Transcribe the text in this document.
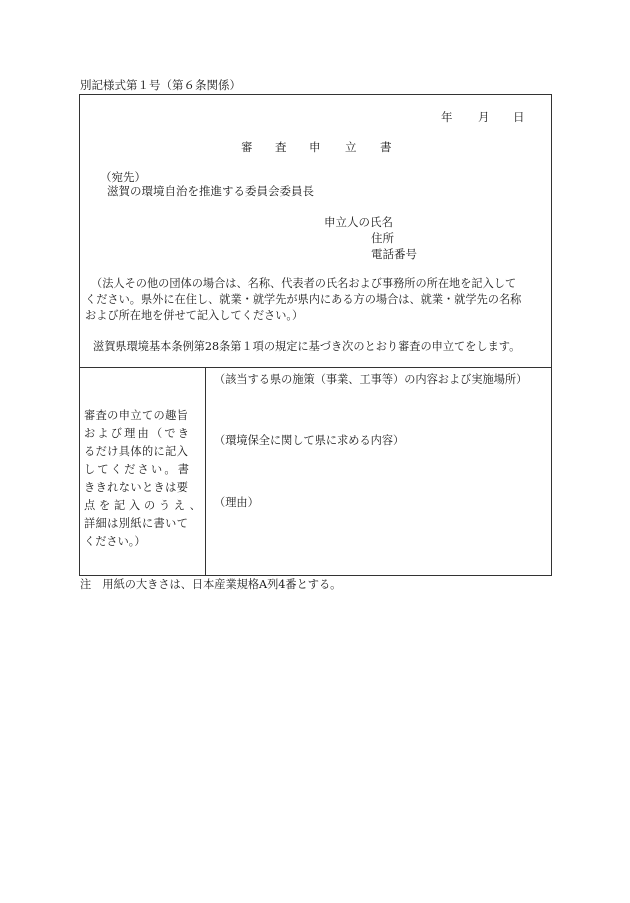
別記様式第１号（第６条関係）
年 月 日
審 査 申 立 書
（宛先）
滋賀の環境自治を推進する委員会委員長
申立人の氏名
住所
電話番号
（法人その他の団体の場合は、名称、代表者の氏名および事務所の所在地を記入して
ください。県外に在住し、就業・就学先が県内にある方の場合は、就業・就学先の名称
および所在地を併せて記入してください。）
滋賀県環境基本条例第28条第１項の規定に基づき次のとおり審査の申立てをします。
審査の申立ての趣旨
および理由（でき
るだけ具体的に記入
してください。書
ききれないときは要
点を記入のうえ、
詳細は別紙に書いて
ください。）
（該当する県の施策（事業、工事等）の内容および実施場所）
（環境保全に関して県に求める内容）
（理由）
注　用紙の大きさは、日本産業規格A列4番とする。
